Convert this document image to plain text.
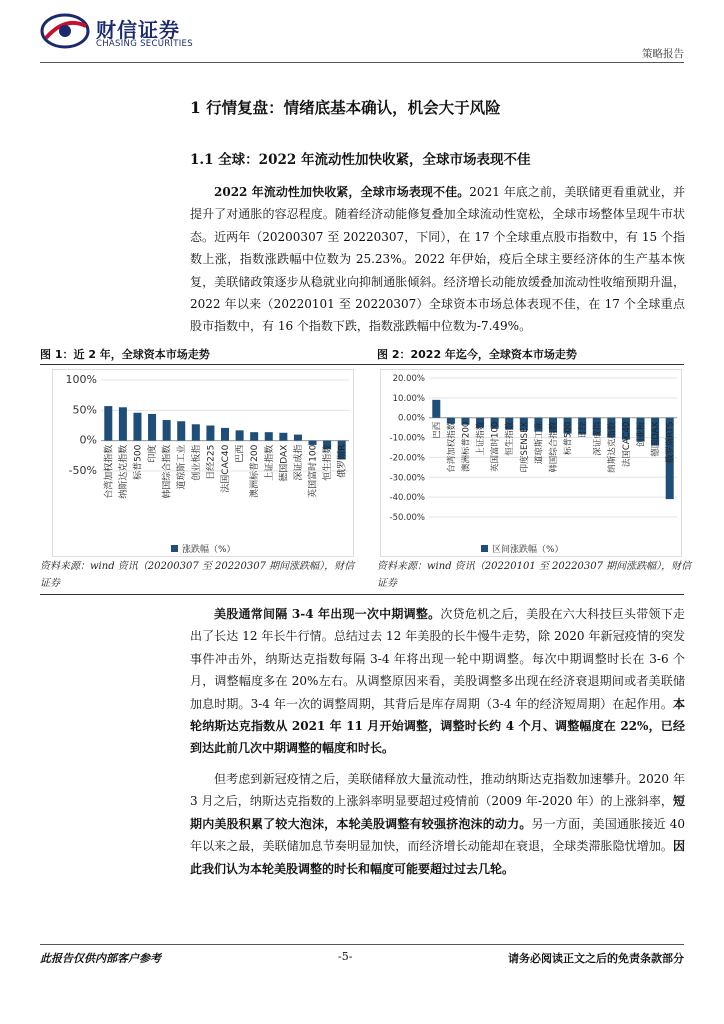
财信证券
CHASING SECURITIES
策略报告
1 行情复盘：情绪底基本确认，机会大于风险
1.1 全球：2022 年流动性加快收紧，全球市场表现不佳
2022 年流动性加快收紧，全球市场表现不佳。2021 年底之前，美联储更看重就业，并提升了对通胀的容忍程度。随着经济动能修复叠加全球流动性宽松，全球市场整体呈现牛市状态。近两年（20200307 至 20220307，下同），在 17 个全球重点股市指数中，有 15 个指数上涨，指数涨跌幅中位数为 25.23%。2022 年伊始，疫后全球主要经济体的生产基本恢复，美联储政策逐步从稳就业向抑制通胀倾斜。经济增长动能放缓叠加流动性收缩预期升温，2022 年以来（20220101 至 20220307）全球资本市场总体表现不佳，在 17 个全球重点股市指数中，有 16 个指数下跌，指数涨跌幅中位数为-7.49%。
图 1：近 2 年，全球资本市场走势	图 2：2022 年迄今，全球资本市场走势
100%
50%
0%
-50% 台湾加权指数 纳斯达克指数 标普500 印度 韩国综合指数 道琼斯工业 创业板指 日经225 法国CAC40 巴西 澳洲标普200 上证指数 德国DAX 深证成指 英国富时100 恒生指数 俄罗斯R
涨跌幅（%）
20.00%
10.00%
0.00%
-10.00%
-20.00%
-30.00%
-40.00%
-50.00%
巴西 台湾加权指数 澳洲标普200 上证指数 英国富时100 恒生指数 印度SENSEX 道琼斯工业 韩国综合指数 标普500 日经 深证成指 纳斯达克指数 法国CAC40 创业板 德国DAX 俄罗斯RTS
区间涨跌幅（%）
资料来源：wind 资讯（20200307 至 20220307 期间涨跌幅），财信证券
资料来源：wind 资讯（20220101 至 20220307 期间涨跌幅），财信证券
美股通常间隔 3-4 年出现一次中期调整。次贷危机之后，美股在六大科技巨头带领下走出了长达 12 年长牛行情。总结过去 12 年美股的长牛慢牛走势，除 2020 年新冠疫情的突发事件冲击外，纳斯达克指数每隔 3-4 年将出现一轮中期调整。每次中期调整时长在 3-6 个月，调整幅度多在 20%左右。从调整原因来看，美股调整多出现在经济衰退期间或者美联储加息时期。3-4 年一次的调整周期，其背后是库存周期（3-4 年的经济短周期）在起作用。本轮纳斯达克指数从 2021 年 11 月开始调整，调整时长约 4 个月、调整幅度在 22%，已经到达此前几次中期调整的幅度和时长。
但考虑到新冠疫情之后，美联储释放大量流动性，推动纳斯达克指数加速攀升。2020 年 3 月之后，纳斯达克指数的上涨斜率明显要超过疫情前（2009 年-2020 年）的上涨斜率，短期内美股积累了较大泡沫，本轮美股调整有较强挤泡沫的动力。另一方面，美国通胀接近 40 年以来之最，美联储加息节奏明显加快，而经济增长动能却在衰退，全球类滞胀隐忧增加。因此我们认为本轮美股调整的时长和幅度可能要超过过去几轮。
此报告仅供内部客户参考	-5-	请务必阅读正文之后的免责条款部分
